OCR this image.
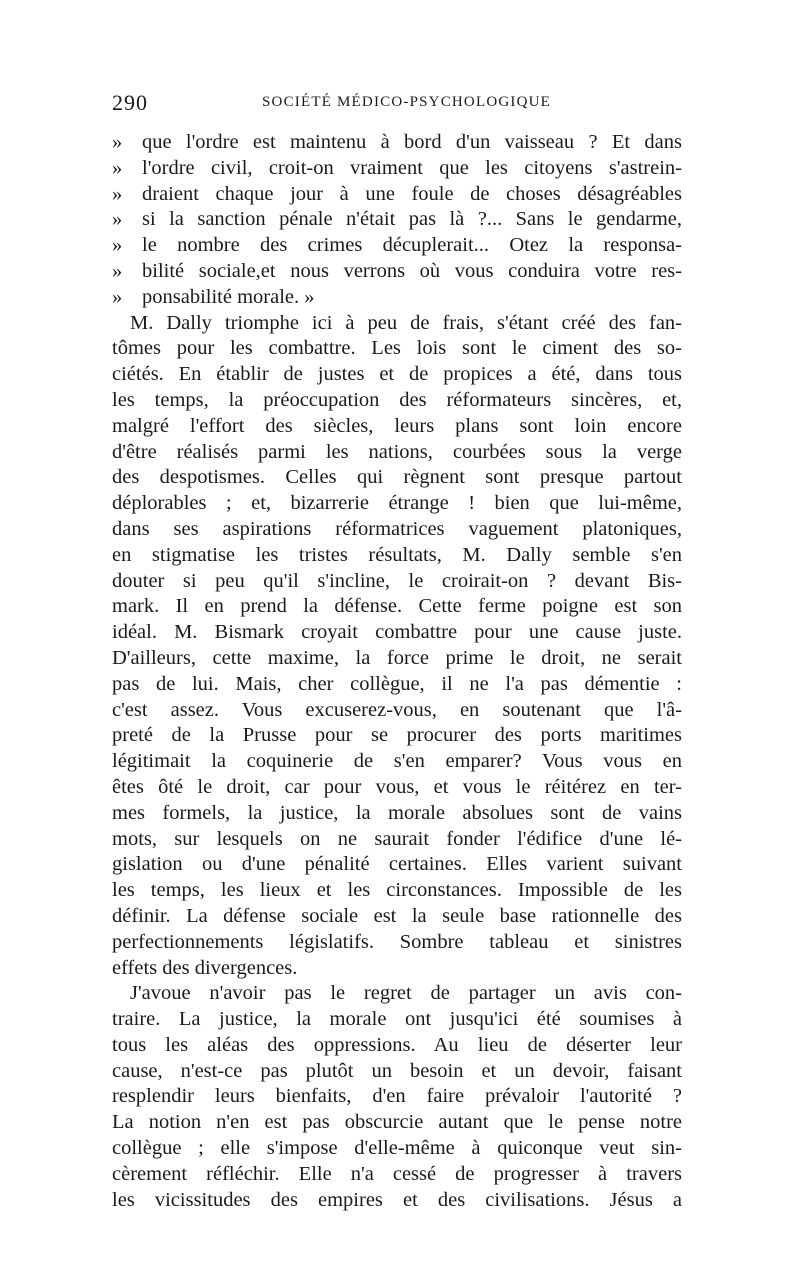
290	SOCIÉTÉ MÉDICO-PSYCHOLOGIQUE
» que l'ordre est maintenu à bord d'un vaisseau ? Et dans
» l'ordre civil, croit-on vraiment que les citoyens s'astrein-
» draient chaque jour à une foule de choses désagréables
» si la sanction pénale n'était pas là ?... Sans le gendarme,
» le nombre des crimes décuplerait... Otez la responsa-
» bilité sociale,et nous verrons où vous conduira votre res-
» ponsabilité morale. »
M. Dally triomphe ici à peu de frais, s'étant créé des fan-
tômes pour les combattre. Les lois sont le ciment des so-
ciétés. En établir de justes et de propices a été, dans tous
les temps, la préoccupation des réformateurs sincères, et,
malgré l'effort des siècles, leurs plans sont loin encore
d'être réalisés parmi les nations, courbées sous la verge
des despotismes. Celles qui règnent sont presque partout
déplorables ; et, bizarrerie étrange ! bien que lui-même,
dans ses aspirations réformatrices vaguement platoniques,
en stigmatise les tristes résultats, M. Dally semble s'en
douter si peu qu'il s'incline, le croirait-on ? devant Bis-
mark. Il en prend la défense. Cette ferme poigne est son
idéal. M. Bismark croyait combattre pour une cause juste.
D'ailleurs, cette maxime, la force prime le droit, ne serait
pas de lui. Mais, cher collègue, il ne l'a pas démentie :
c'est assez. Vous excuserez-vous, en soutenant que l'â-
preté de la Prusse pour se procurer des ports maritimes
légitimait la coquinerie de s'en emparer? Vous vous en
êtes ôté le droit, car pour vous, et vous le réitérez en ter-
mes formels, la justice, la morale absolues sont de vains
mots, sur lesquels on ne saurait fonder l'édifice d'une lé-
gislation ou d'une pénalité certaines. Elles varient suivant
les temps, les lieux et les circonstances. Impossible de les
définir. La défense sociale est la seule base rationnelle des
perfectionnements législatifs. Sombre tableau et sinistres
effets des divergences.
J'avoue n'avoir pas le regret de partager un avis con-
traire. La justice, la morale ont jusqu'ici été soumises à
tous les aléas des oppressions. Au lieu de déserter leur
cause, n'est-ce pas plutôt un besoin et un devoir, faisant
resplendir leurs bienfaits, d'en faire prévaloir l'autorité ?
La notion n'en est pas obscurcie autant que le pense notre
collègue ; elle s'impose d'elle-même à quiconque veut sin-
cèrement réfléchir. Elle n'a cessé de progresser à travers
les vicissitudes des empires et des civilisations. Jésus a
